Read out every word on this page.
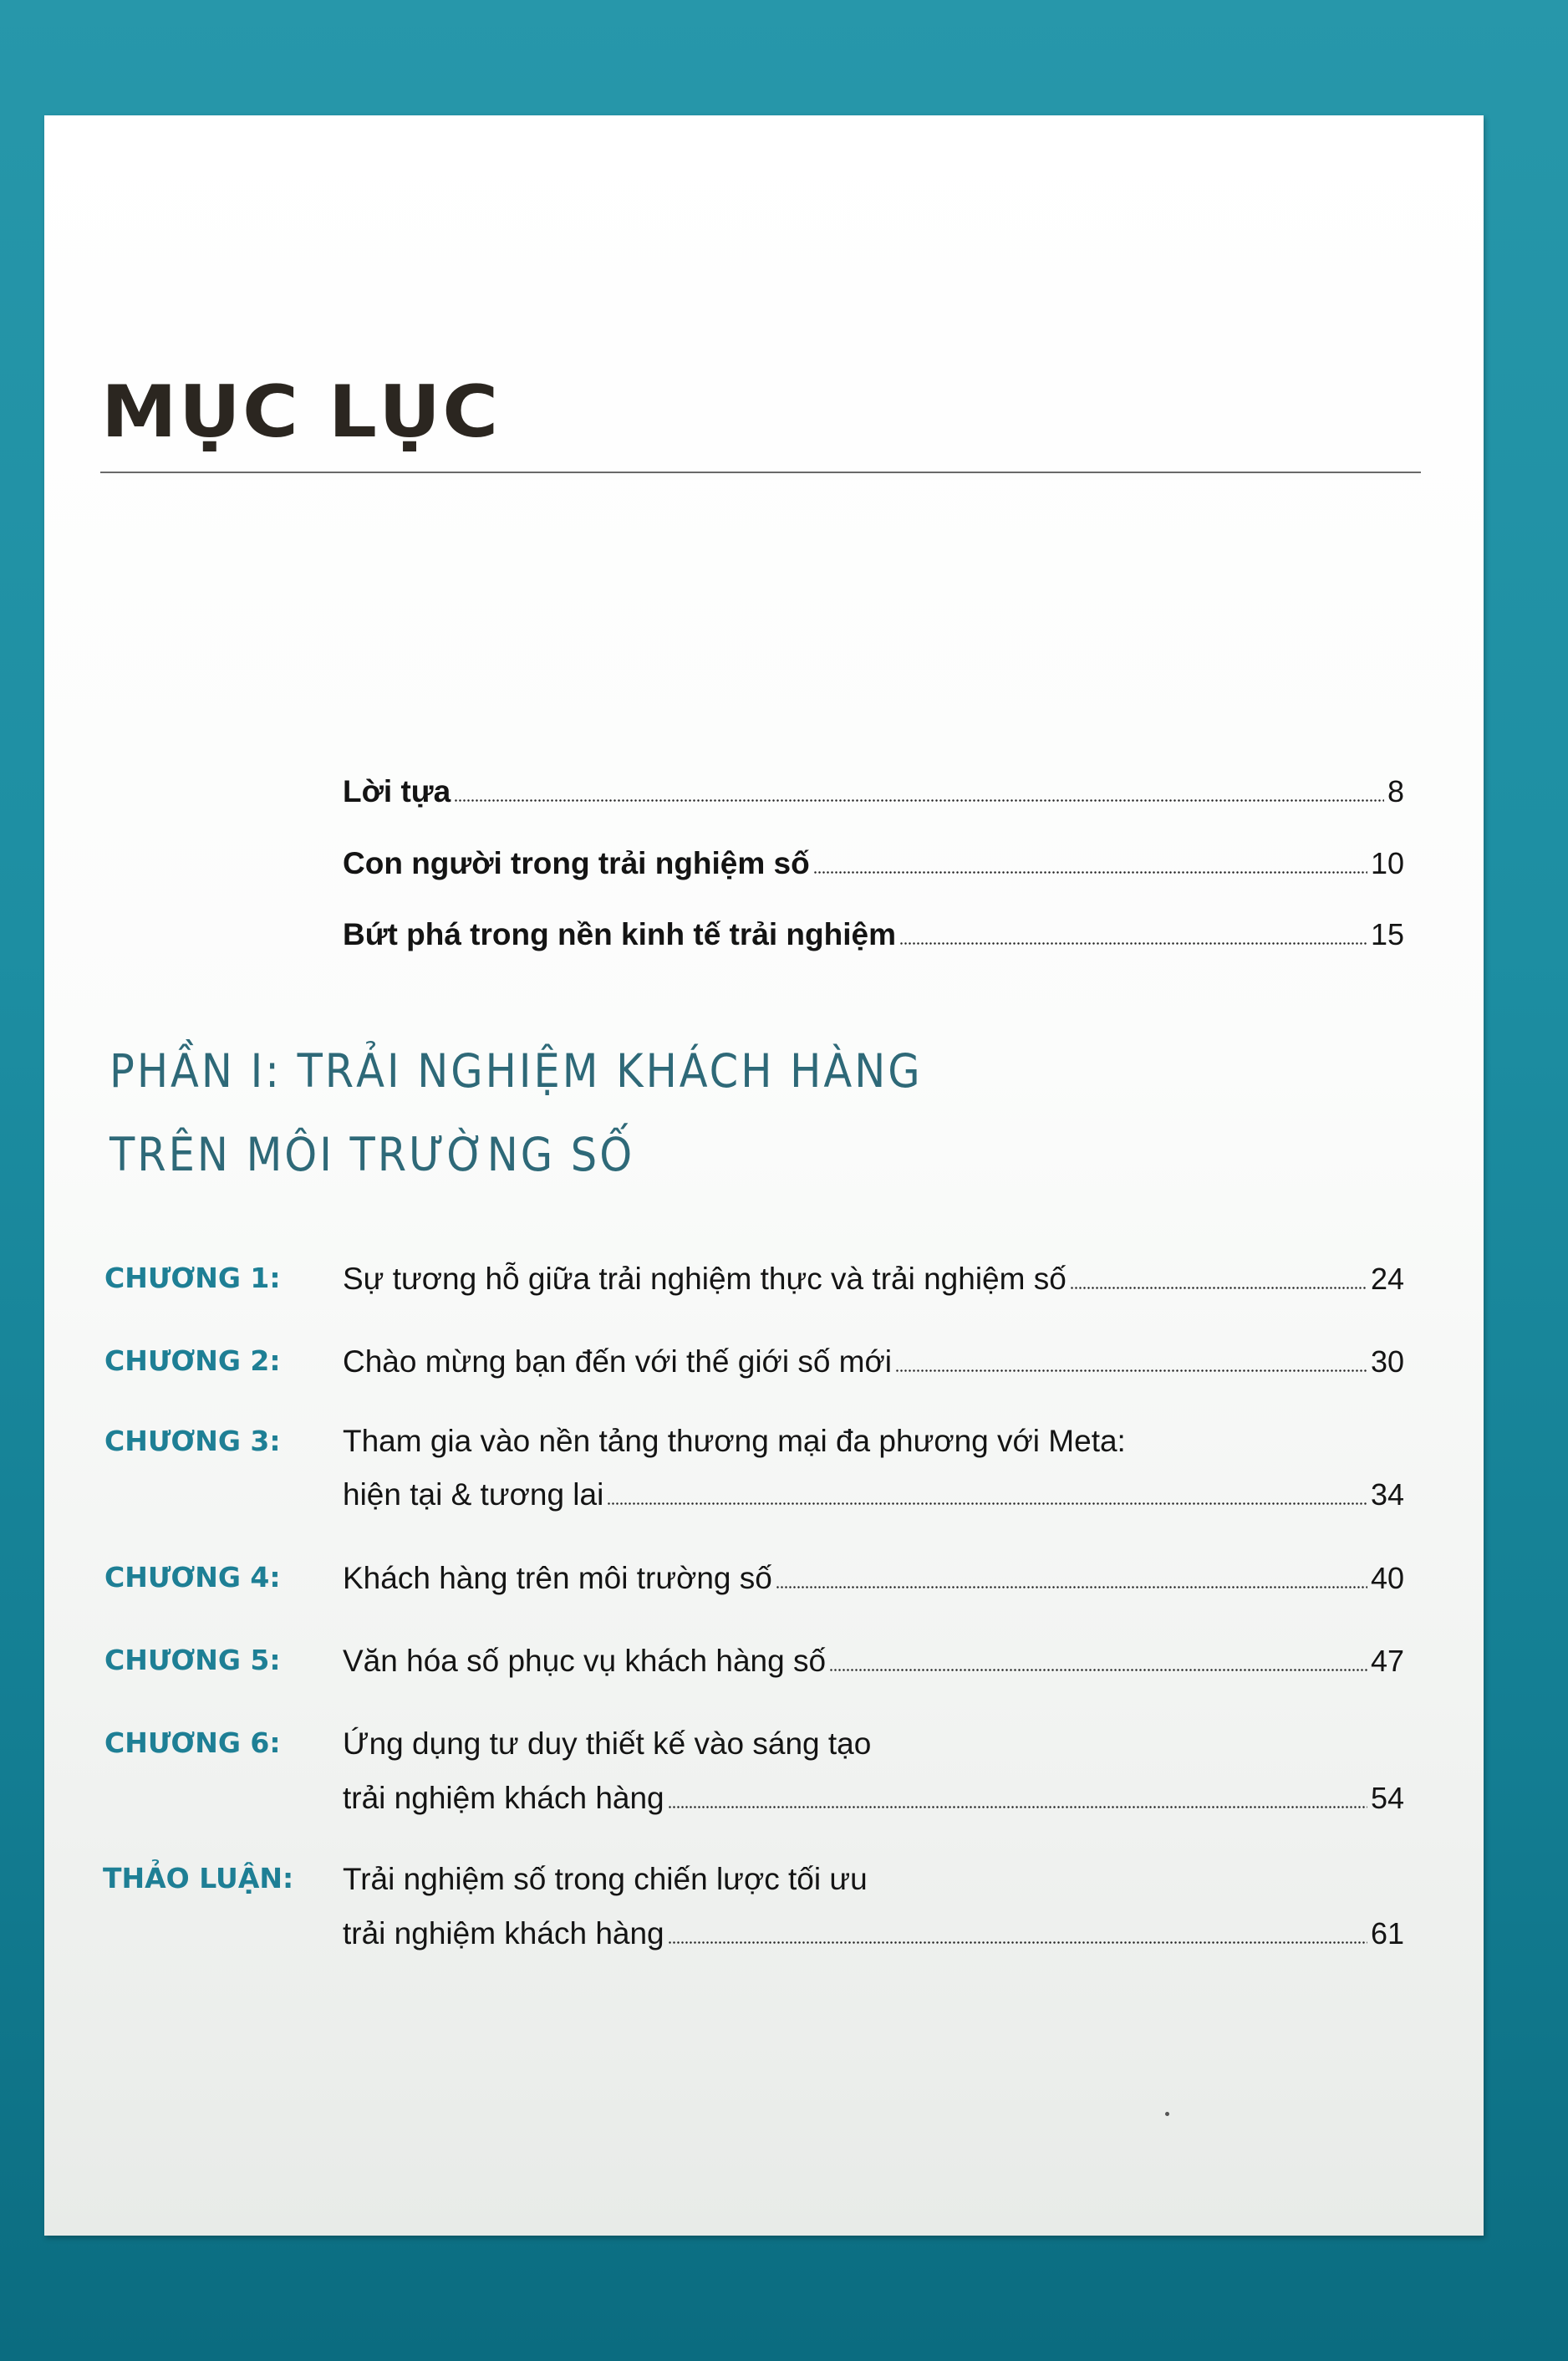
MỤC LỤC
Lời tựa	8
Con người trong trải nghiệm số	10
Bứt phá trong nền kinh tế trải nghiệm	15
PHẦN I: TRẢI NGHIỆM KHÁCH HÀNG
TRÊN MÔI TRƯỜNG SỐ
CHƯƠNG 1: Sự tương hỗ giữa trải nghiệm thực và trải nghiệm số	24
CHƯƠNG 2: Chào mừng bạn đến với thế giới số mới	30
CHƯƠNG 3: Tham gia vào nền tảng thương mại đa phương với Meta:
hiện tại & tương lai	34
CHƯƠNG 4: Khách hàng trên môi trường số	40
CHƯƠNG 5: Văn hóa số phục vụ khách hàng số	47
CHƯƠNG 6: Ứng dụng tư duy thiết kế vào sáng tạo
trải nghiệm khách hàng	54
THẢO LUẬN: Trải nghiệm số trong chiến lược tối ưu
trải nghiệm khách hàng	61
